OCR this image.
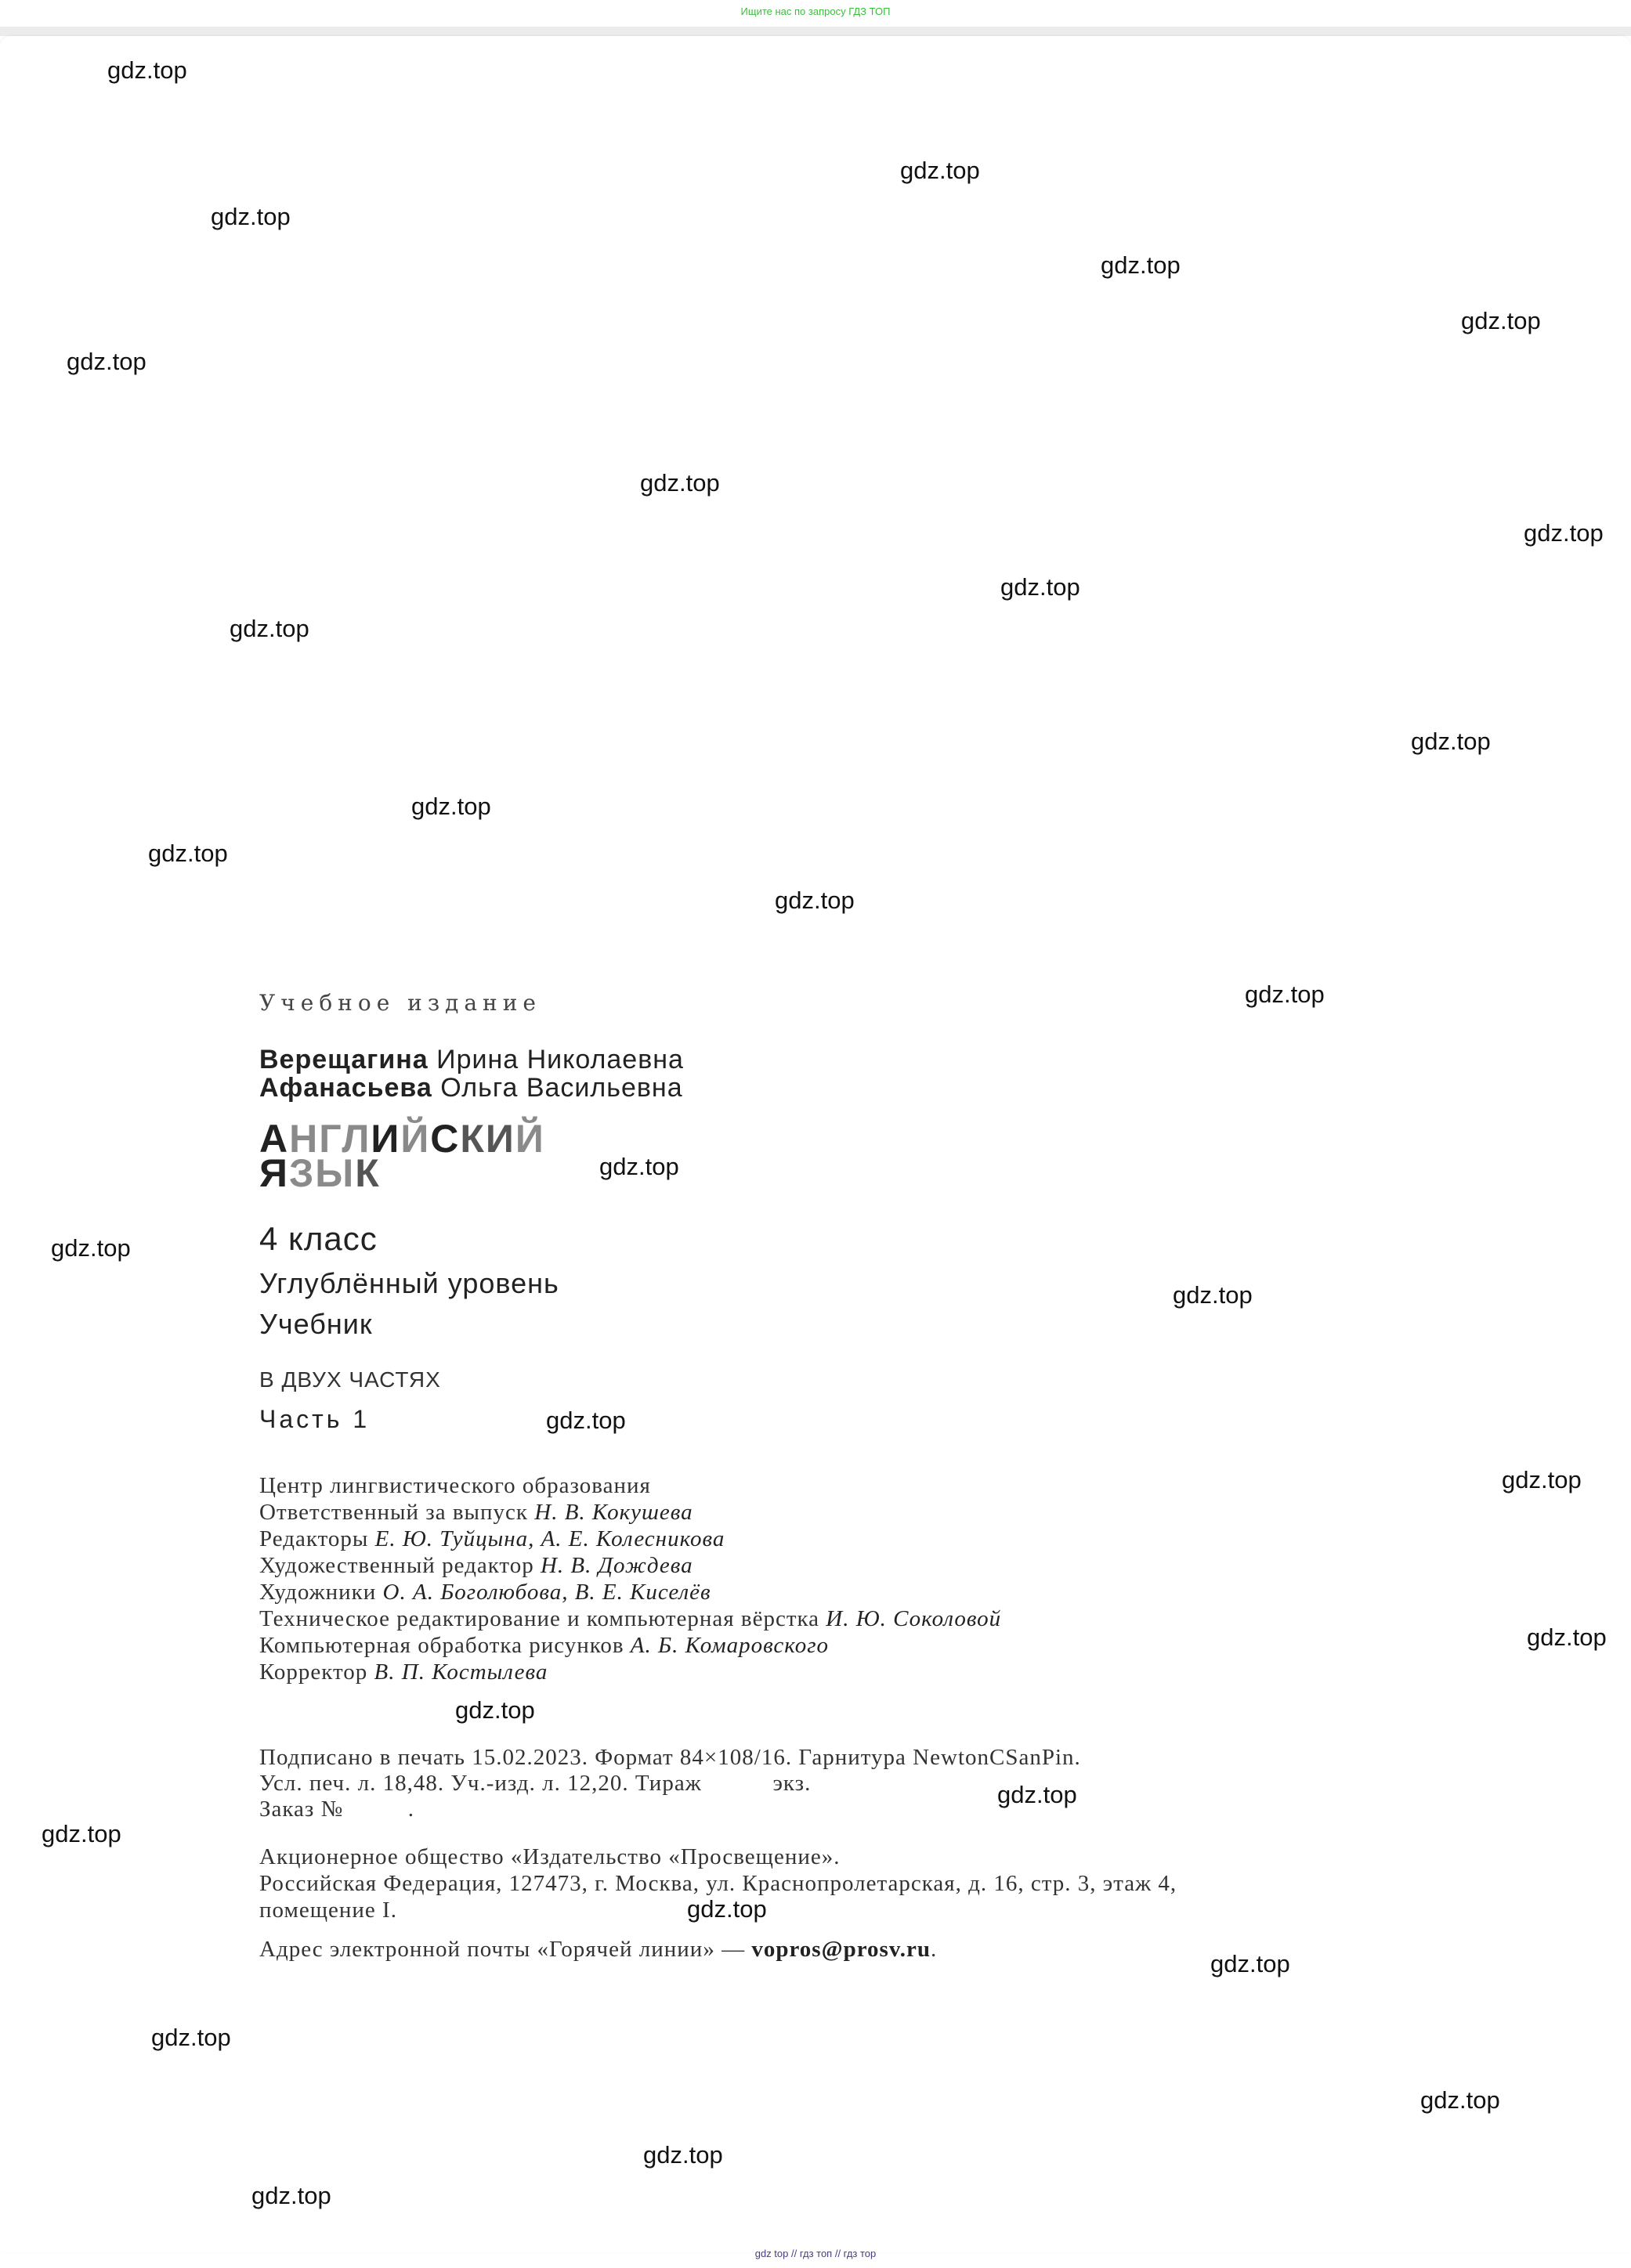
Ищите нас по запросу ГДЗ ТОП
gdz.top
gdz.top
gdz.top
gdz.top
gdz.top
gdz.top
gdz.top
gdz.top
gdz.top
gdz.top
gdz.top
gdz.top
gdz.top
gdz.top
gdz.top
gdz.top
gdz.top
gdz.top
gdz.top
gdz.top
gdz.top
gdz.top
gdz.top
gdz.top
gdz.top
gdz.top
gdz.top
gdz.top
gdz.top
gdz.top
Учебное издание
Верещагина Ирина Николаевна
Афанасьева Ольга Васильевна
АНГЛИЙСКИЙ
ЯЗЫК
4 класс
Углублённый уровень
Учебник
В ДВУХ ЧАСТЯХ
Часть 1
Центр лингвистического образования
Ответственный за выпуск Н. В. Кокушева
Редакторы Е. Ю. Туйцына, А. Е. Колесникова
Художественный редактор Н. В. Дождева
Художники О. А. Боголюбова, В. Е. Киселёв
Техническое редактирование и компьютерная вёрстка И. Ю. Соколовой
Компьютерная обработка рисунков А. Б. Комаровского
Корректор В. П. Костылева
Подписано в печать 15.02.2023. Формат 84×108/16. Гарнитура NewtonCSanPin.
Усл. печ. л. 18,48. Уч.-изд. л. 12,20. Тираж           экз.
Заказ №          .
Акционерное общество «Издательство «Просвещение».
Российская Федерация, 127473, г. Москва, ул. Краснопролетарская, д. 16, стр. 3, этаж 4,
помещение I.
Адрес электронной почты «Горячей линии» — vopros@prosv.ru.
gdz top // гдз топ // гдз тор
